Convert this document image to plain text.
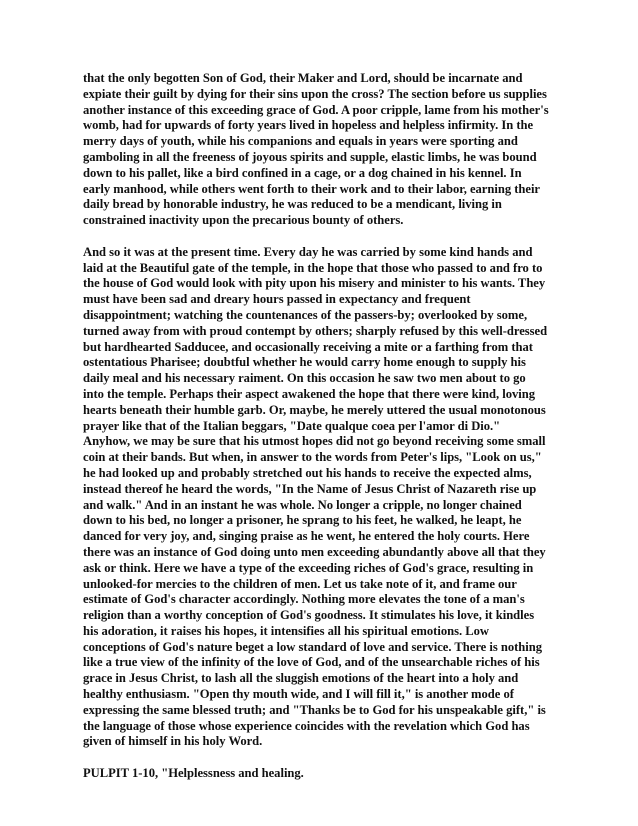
that the only begotten Son of God, their Maker and Lord, should be incarnate and expiate their guilt by dying for their sins upon the cross? The section before us supplies another instance of this exceeding grace of God. A poor cripple, lame from his mother's womb, had for upwards of forty years lived in hopeless and helpless infirmity. In the merry days of youth, while his companions and equals in years were sporting and gamboling in all the freeness of joyous spirits and supple, elastic limbs, he was bound down to his pallet, like a bird confined in a cage, or a dog chained in his kennel. In early manhood, while others went forth to their work and to their labor, earning their daily bread by honorable industry, he was reduced to be a mendicant, living in constrained inactivity upon the precarious bounty of others.

And so it was at the present time. Every day he was carried by some kind hands and laid at the Beautiful gate of the temple, in the hope that those who passed to and fro to the house of God would look with pity upon his misery and minister to his wants. They must have been sad and dreary hours passed in expectancy and frequent disappointment; watching the countenances of the passers-by; overlooked by some, turned away from with proud contempt by others; sharply refused by this well-dressed but hardhearted Sadducee, and occasionally receiving a mite or a farthing from that ostentatious Pharisee; doubtful whether he would carry home enough to supply his daily meal and his necessary raiment. On this occasion he saw two men about to go into the temple. Perhaps their aspect awakened the hope that there were kind, loving hearts beneath their humble garb. Or, maybe, he merely uttered the usual monotonous prayer like that of the Italian beggars, "Date qualque coea per l'amor di Dio." Anyhow, we may be sure that his utmost hopes did not go beyond receiving some small coin at their bands. But when, in answer to the words from Peter's lips, "Look on us," he had looked up and probably stretched out his hands to receive the expected alms, instead thereof he heard the words, "In the Name of Jesus Christ of Nazareth rise up and walk." And in an instant he was whole. No longer a cripple, no longer chained down to his bed, no longer a prisoner, he sprang to his feet, he walked, he leapt, he danced for very joy, and, singing praise as he went, he entered the holy courts. Here there was an instance of God doing unto men exceeding abundantly above all that they ask or think. Here we have a type of the exceeding riches of God's grace, resulting in unlooked-for mercies to the children of men. Let us take note of it, and frame our estimate of God's character accordingly. Nothing more elevates the tone of a man's religion than a worthy conception of God's goodness. It stimulates his love, it kindles his adoration, it raises his hopes, it intensifies all his spiritual emotions. Low conceptions of God's nature beget a low standard of love and service. There is nothing like a true view of the infinity of the love of God, and of the unsearchable riches of his grace in Jesus Christ, to lash all the sluggish emotions of the heart into a holy and healthy enthusiasm. "Open thy mouth wide, and I will fill it," is another mode of expressing the same blessed truth; and "Thanks be to God for his unspeakable gift," is the language of those whose experience coincides with the revelation which God has given of himself in his holy Word.

PULPIT 1-10, "Helplessness and healing.
